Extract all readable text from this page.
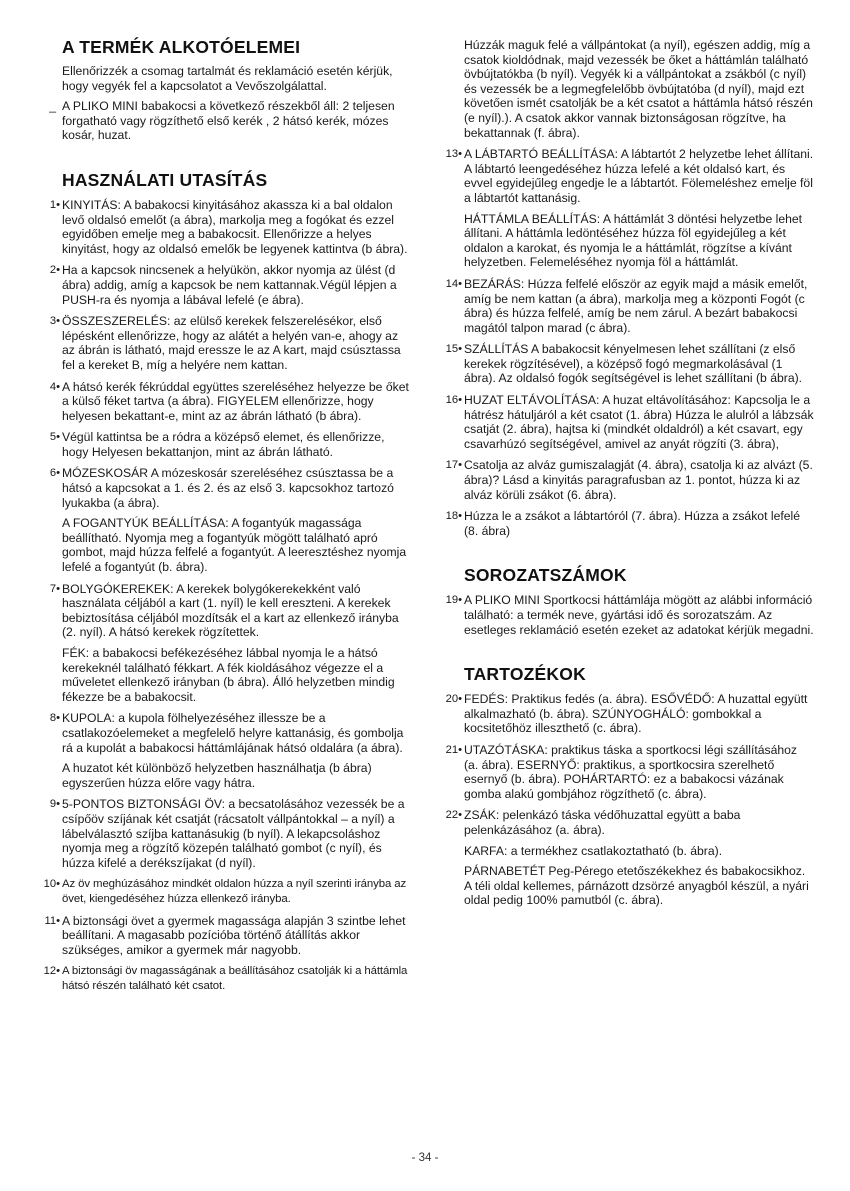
A TERMÉK ALKOTÓELEMEI
Ellenőrizzék a csomag tartalmát és reklamáció esetén kérjük, hogy vegyék fel a kapcsolatot a Vevőszolgálattal.
_ A PLIKO MINI babakocsi a következő részekből áll: 2 teljesen forgatható vagy rögzíthető első kerék , 2 hátsó kerék, mózes kosár, huzat.
HASZNÁLATI UTASÍTÁS
1• KINYITÁS: A babakocsi kinyitásához akassza ki a bal oldalon levő oldalsó emelőt (a ábra), markolja meg a fogókat és ezzel egyidőben emelje meg a babakocsit. Ellenőrizze a helyes kinyitást, hogy az oldalsó emelők be legyenek kattintva (b ábra).

2• Ha a kapcsok nincsenek a helyükön, akkor nyomja az ülést (d ábra) addig, amíg a kapcsok be nem kattannak.Végül lépjen a PUSH-ra és nyomja a lábával lefelé (e ábra).

3• ÖSSZESZERELÉS: az elülső kerekek felszerelésékor, első lépésként ellenőrizze, hogy az alátét a helyén van-e, ahogy az az ábrán is látható, majd eressze le az A kart, majd csúsztassa fel a kereket B, míg a helyére nem kattan.

4• A hátsó kerék fékrúddal együttes szereléséhez helyezze be őket a külső féket tartva (a ábra). FIGYELEM ellenőrizze, hogy helyesen bekattant-e, mint az az ábrán látható (b ábra).

5• Végül kattintsa be a ródra a középső elemet, és ellenőrizze, hogy Helyesen bekattanjon, mint az ábrán látható.

6• MÓZESKOSÁR A mózeskosár szereléséhez csúsztassa be a hátsó a kapcsokat a 1. és 2. és az első 3. kapcsokhoz tartozó lyukakba (a ábra).

A FOGANTYÚK BEÁLLÍTÁSA: A fogantyúk magassága beállítható. Nyomja meg a fogantyúk mögött található apró gombot, majd húzza felfelé a fogantyút. A leeresztéshez nyomja lefelé a fogantyút (b. ábra).

7• BOLYGÓKEREKEK: A kerekek bolygókerekekként való használata céljából a kart (1. nyíl) le kell ereszteni. A kerekek bebiztosítása céljából mozdítsák el a kart az ellenkező irányba (2. nyíl). A hátsó kerekek rögzítettek.

FÉK: a babakocsi befékezéséhez lábbal nyomja le a hátsó kerekeknél található fékkart. A fék kioldásához végezze el a műveletet ellenkező irányban (b ábra). Álló helyzetben mindig fékezze be a babakocsit.

8• KUPOLA: a kupola fölhelyezéséhez illessze be a csatlakozóelemeket a megfelelő helyre kattanásig, és gombolja rá a kupolát a babakocsi háttámlájának hátsó oldalára (a ábra).

A huzatot két különböző helyzetben használhatja (b ábra) egyszerűen húzza előre vagy hátra.

9• 5-PONTOS BIZTONSÁGI ÖV: a becsatolásához vezessék be a csípőöv szíjának két csatját (rácsatolt vállpántokkal – a nyíl) a lábelválasztó szíjba kattanásukig (b nyíl). A lekapcsoláshoz nyomja meg a rögzítő közepén található gombot (c nyíl), és húzza kifelé a derékszíjakat (d nyíl).

10• Az öv meghúzásához mindkét oldalon húzza a nyíl szerinti irányba az övet, kiengedéséhez húzza ellenkező irányba.

11• A biztonsági övet a gyermek magassága alapján 3 szintbe lehet beállítani. A magasabb pozícióba történő átállítás akkor szükséges, amikor a gyermek már nagyobb.

12• A biztonsági öv magasságának a beállításához csatolják ki a háttámla hátsó részén található két csatot.

Húzzák maguk felé a vállpántokat (a nyíl), egészen addig, míg a csatok kioldódnak, majd vezessék be őket a háttámlán található övbújtatókba (b nyíl). Vegyék ki a vállpántokat a zsákból (c nyíl) és vezessék be a legmegfelelőbb övbújtatóba (d nyíl), majd ezt követően ismét csatolják be a két csatot a háttámla hátsó részén (e nyíl).). A csatok akkor vannak biztonságosan rögzítve, ha bekattannak (f. ábra).
13• A LÁBTARTÓ BEÁLLÍTÁSA: A lábtartót 2 helyzetbe lehet állítani. A lábtartó leengedéséhez húzza lefelé a két oldalsó kart, és evvel egyidejűleg engedje le a lábtartót. Fölemeléshez emelje föl a lábtartót kattanásig.

HÁTTÁMLA BEÁLLÍTÁS: A háttámlát 3 döntési helyzetbe lehet állítani. A háttámla ledöntéséhez húzza föl egyidejűleg a két oldalon a karokat, és nyomja le a háttámlát, rögzítse a kívánt helyzetben. Felemeléséhez nyomja föl a háttámlát.

14• BEZÁRÁS: Húzza felfelé először az egyik majd a másik emelőt, amíg be nem kattan (a ábra), markolja meg a központi Fogót (c ábra) és húzza felfelé, amíg be nem zárul. A bezárt babakocsi magától talpon marad (c ábra).

15• SZÁLLÍTÁS A babakocsit kényelmesen lehet szállítani (z első kerekek rögzítésével), a középső fogó megmarkolásával (1 ábra). Az oldalsó fogók segítségével is lehet szállítani (b ábra).

16• HUZAT ELTÁVOLÍTÁSA: A huzat eltávolításához: Kapcsolja le a hátrész hátuljáról a két csatot (1. ábra) Húzza le alulról a lábzsák csatját (2. ábra), hajtsa ki (mindkét oldaldról) a két csavart, egy csavarhúzó segítségével, amivel az anyát rögzíti (3. ábra),

17• Csatolja az alváz gumiszalagját (4. ábra), csatolja ki az alvázt (5. ábra)? Lásd a kinyitás paragrafusban az 1. pontot, húzza ki az alváz körüli zsákot (6. ábra).

18• Húzza le a zsákot a lábtartóról (7. ábra). Húzza a zsákot lefelé (8. ábra)

SOROZATSZÁMOK
19• A PLIKO MINI Sportkocsi háttámlája mögött az alábbi információ található: a termék neve, gyártási idő és sorozatszám. Az esetleges reklamáció esetén ezeket az adatokat kérjük megadni.

TARTOZÉKOK
20• FEDÉS: Praktikus fedés (a. ábra). ESŐVÉDŐ: A huzattal együtt alkalmazható (b. ábra). SZÚNYOGHÁLÓ: gombokkal a kocsitetőhöz illeszthető (c. ábra).

21• UTAZÓTÁSKA: praktikus táska a sportkocsi légi szállításához (a. ábra). ESERNYŐ: praktikus, a sportkocsira szerelhető esernyő (b. ábra). POHÁRTARTÓ: ez a babakocsi vázának gomba alakú gombjához rögzíthető (c. ábra).

22• ZSÁK: pelenkázó táska védőhuzattal együtt a baba pelenkázásához (a. ábra).

KARFA: a termékhez csatlakoztatható (b. ábra).

PÁRNABETÉT Peg-Pérego etetőszékekhez és babakocsikhoz. A téli oldal kellemes, párnázott dzsörzé anyagból készül, a nyári oldal pedig 100% pamutból (c. ábra).

- 34 -
